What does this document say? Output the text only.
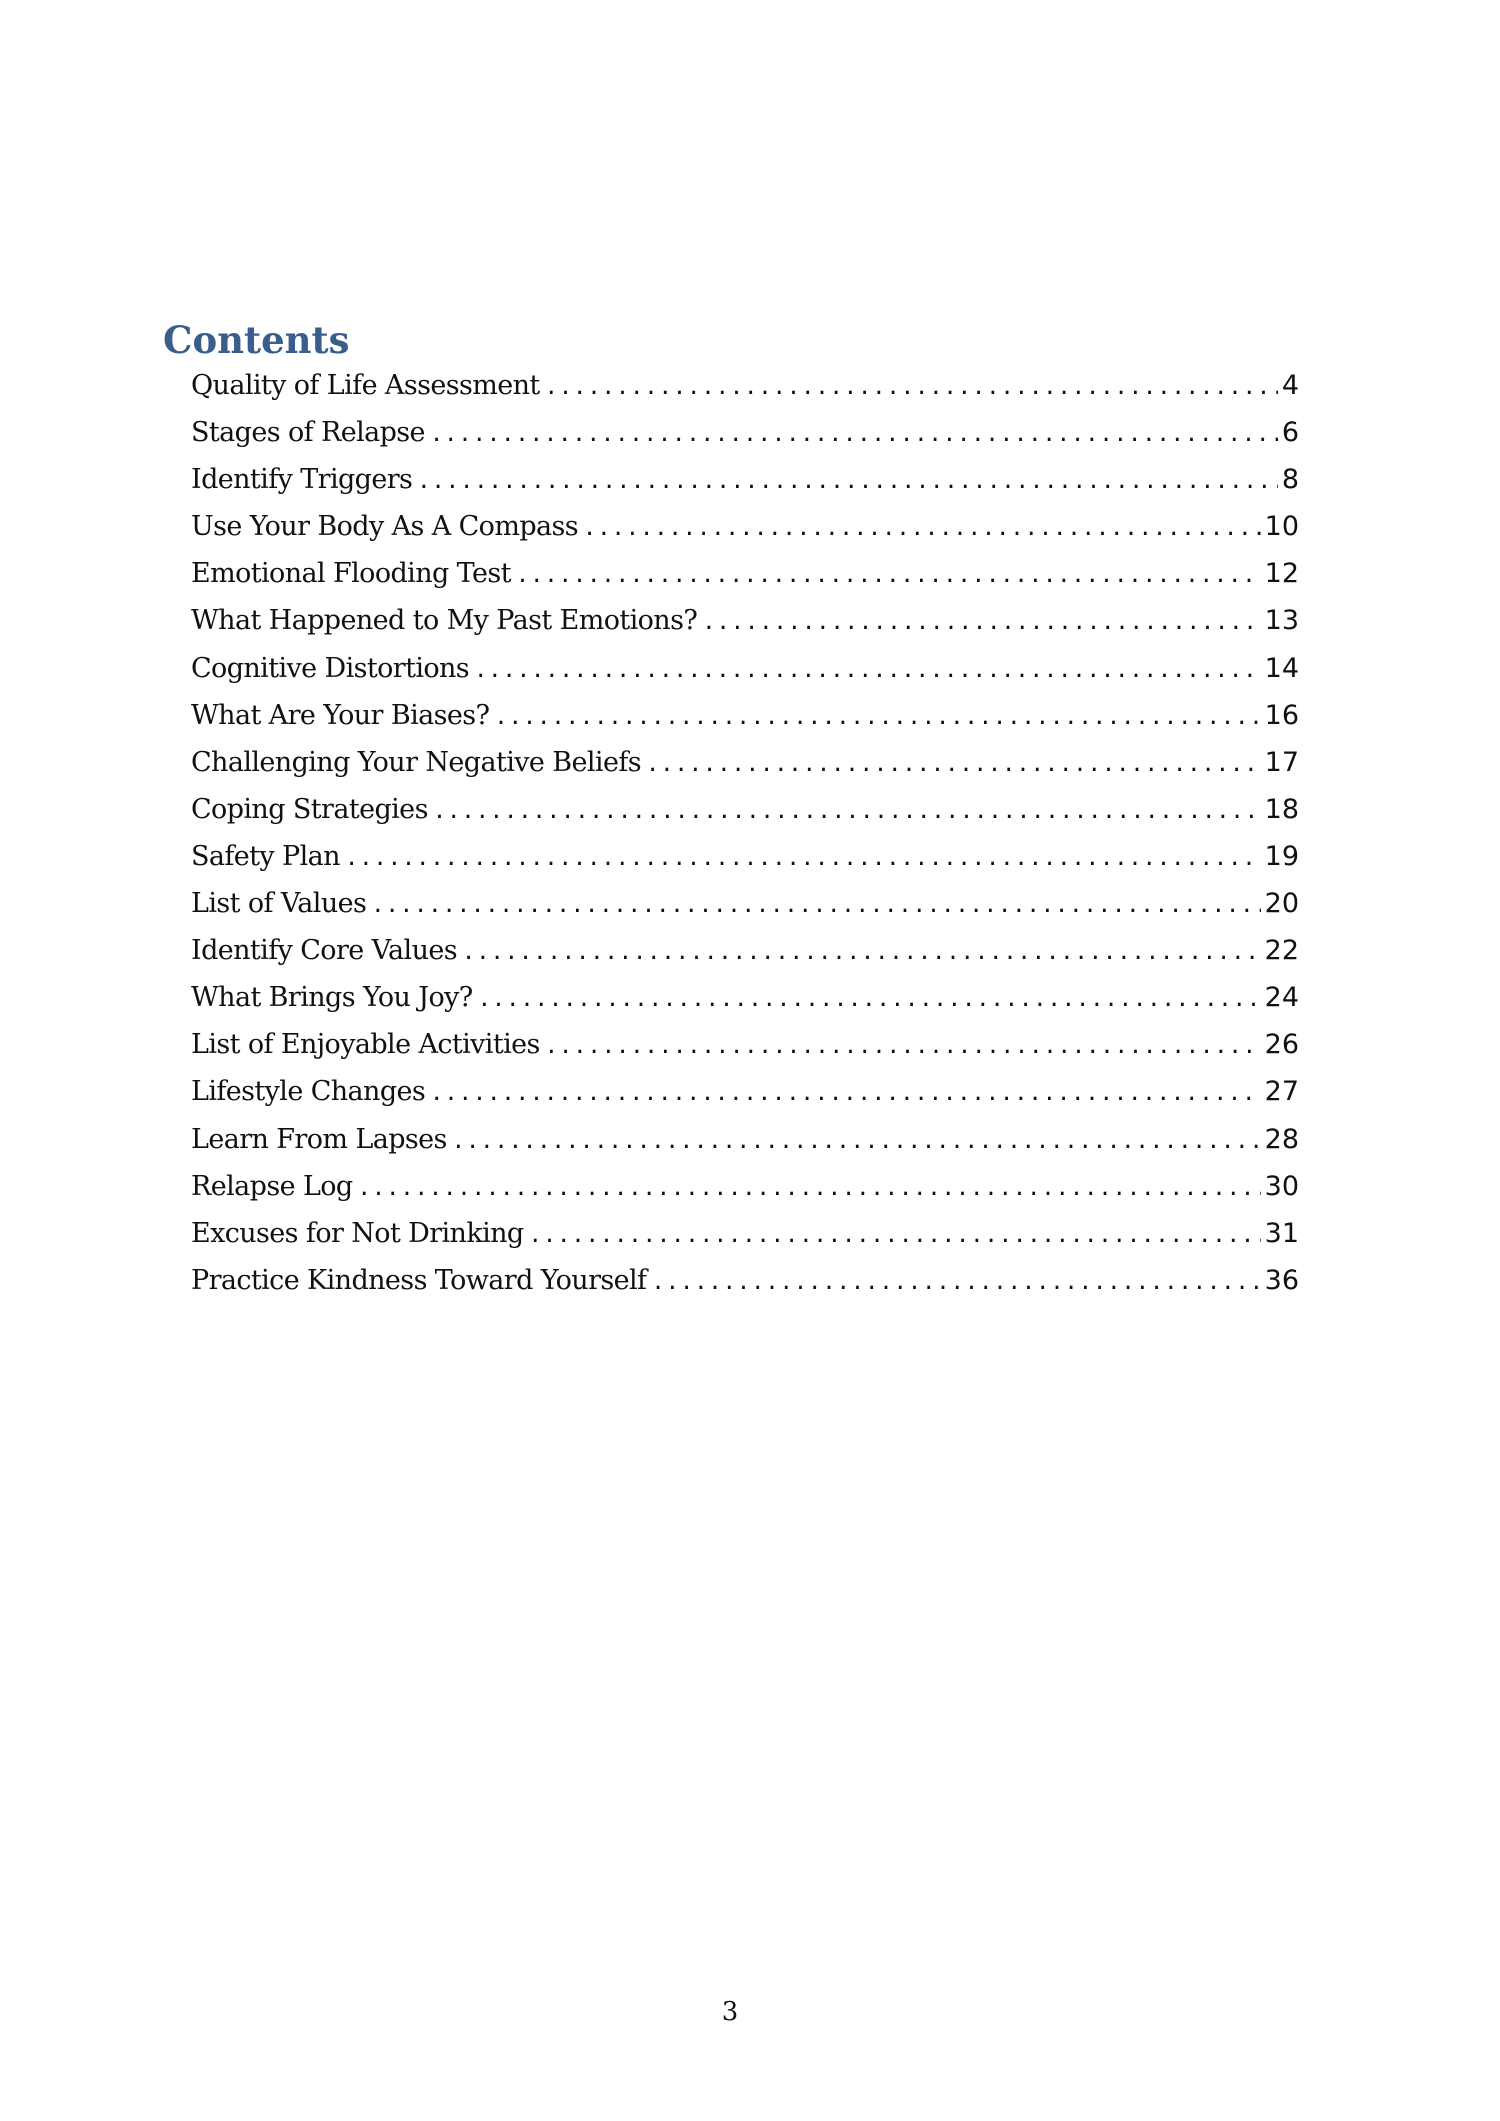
Contents
Quality of Life Assessment .....	4
Stages of Relapse .....	6
Identify Triggers .....	8
Use Your Body As A Compass .....	10
Emotional Flooding Test .....	12
What Happened to My Past Emotions? .....	13
Cognitive Distortions .....	14
What Are Your Biases? .....	16
Challenging Your Negative Beliefs .....	17
Coping Strategies .....	18
Safety Plan .....	19
List of Values .....	20
Identify Core Values .....	22
What Brings You Joy? .....	24
List of Enjoyable Activities .....	26
Lifestyle Changes .....	27
Learn From Lapses .....	28
Relapse Log .....	30
Excuses for Not Drinking .....	31
Practice Kindness Toward Yourself .....	36
3
